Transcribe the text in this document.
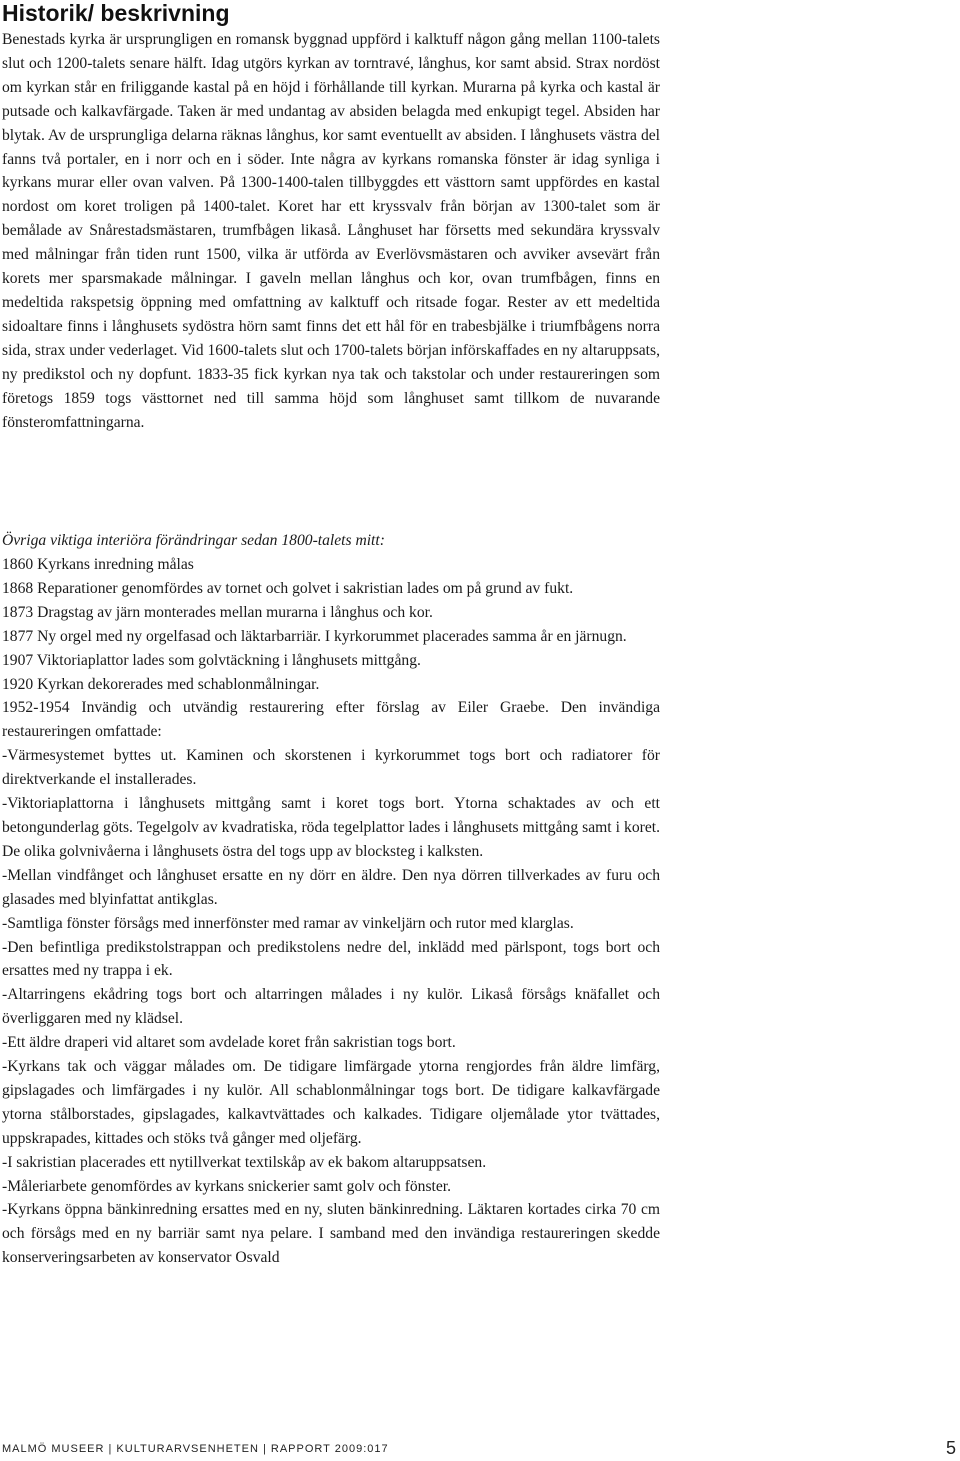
Historik/ beskrivning

Benestads kyrka är ursprungligen en romansk byggnad uppförd i kalktuff någon gång mellan 1100-talets slut och 1200-talets senare hälft. Idag utgörs kyrkan av torntravé, långhus, kor samt absid. Strax nordöst om kyrkan står en friliggande kastal på en höjd i förhållande till kyrkan. Murarna på kyrka och kastal är putsade och kalkavfärgade. Taken är med undantag av absiden belagda med enkupigt tegel. Absiden har blytak. Av de ursprungliga delarna räknas långhus, kor samt eventuellt av absiden. I långhusets västra del fanns två portaler, en i norr och en i söder. Inte några av kyrkans romanska fönster är idag synliga i kyrkans murar eller ovan valven. På 1300-1400-talen tillbyggdes ett västtorn samt uppfördes en kastal nordost om koret troligen på 1400-talet. Koret har ett kryssvalv från början av 1300-talet som är bemålade av Snårestadsmästaren, trumfbågen likaså. Långhuset har försetts med sekundära kryssvalv med målningar från tiden runt 1500, vilka är utförda av Everlövsmästaren och avviker avsevärt från korets mer sparsmakade målningar. I gaveln mellan långhus och kor, ovan trumfbågen, finns en medeltida rakspetsig öppning med omfattning av kalktuff och ritsade fogar. Rester av ett medeltida sidoaltare finns i långhusets sydöstra hörn samt finns det ett hål för en trabesbjälke i triumfbågens norra sida, strax under vederlaget. Vid 1600-talets slut och 1700-talets början införskaffades en ny altaruppsats, ny predikstol och ny dopfunt. 1833-35 fick kyrkan nya tak och takstolar och under restaureringen som företogs 1859 togs västtornet ned till samma höjd som långhuset samt tillkom de nuvarande fönsteromfattningarna.

Övriga viktiga interiöra förändringar sedan 1800-talets mitt:

1860 Kyrkans inredning målas
1868 Reparationer genomfördes av tornet och golvet i sakristian lades om på grund av fukt.
1873 Dragstag av järn monterades mellan murarna i långhus och kor.
1877 Ny orgel med ny orgelfasad och läktarbarriär. I kyrkorummet placerades samma år en järnugn.
1907 Viktoriaplattor lades som golvtäckning i långhusets mittgång.
1920 Kyrkan dekorerades med schablonmålningar.
1952-1954 Invändig och utvändig restaurering efter förslag av Eiler Graebe. Den invändiga restaureringen omfattade:
-Värmesystemet byttes ut. Kaminen och skorstenen i kyrkorummet togs bort och radiatorer för direktverkande el installerades.
-Viktoriaplattorna i långhusets mittgång samt i koret togs bort. Ytorna schaktades av och ett betongunderlag göts. Tegelgolv av kvadratiska, röda tegelplattor lades i långhusets mittgång samt i koret. De olika golvnivåerna i långhusets östra del togs upp av blocksteg i kalksten.
-Mellan vindfånget och långhuset ersatte en ny dörr en äldre. Den nya dörren tillverkades av furu och glasades med blyinfattat antikglas.
-Samtliga fönster försågs med innerfönster med ramar av vinkeljärn och rutor med klarglas.
-Den befintliga predikstolstrappan och predikstolens nedre del, inklädd med pärlspont, togs bort och ersattes med ny trappa i ek.
-Altarringens ekådring togs bort och altarringen målades i ny kulör. Likaså försågs knäfallet och överliggaren med ny klädsel.
-Ett äldre draperi vid altaret som avdelade koret från sakristian togs bort.
-Kyrkans tak och väggar målades om. De tidigare limfärgade ytorna rengjordes från äldre limfärg, gipslagades och limfärgades i ny kulör. All schablonmålningar togs bort. De tidigare kalkavfärgade ytorna stålborstades, gipslagades, kalkavtvättades och kalkades. Tidigare oljemålade ytor tvättades, uppskrapades, kittades och stöks två gånger med oljefärg.
-I sakristian placerades ett nytillverkat textilskåp av ek bakom altaruppsatsen.
-Måleriarbete genomfördes av kyrkans snickerier samt golv och fönster.
-Kyrkans öppna bänkinredning ersattes med en ny, sluten bänkinredning. Läktaren kortades cirka 70 cm och försågs med en ny barriär samt nya pelare. I samband med den invändiga restaureringen skedde konserveringsarbeten av konservator Osvald
MALMÖ MUSEER | KULTURARVSENHETEN | RAPPORT 2009:017	5
